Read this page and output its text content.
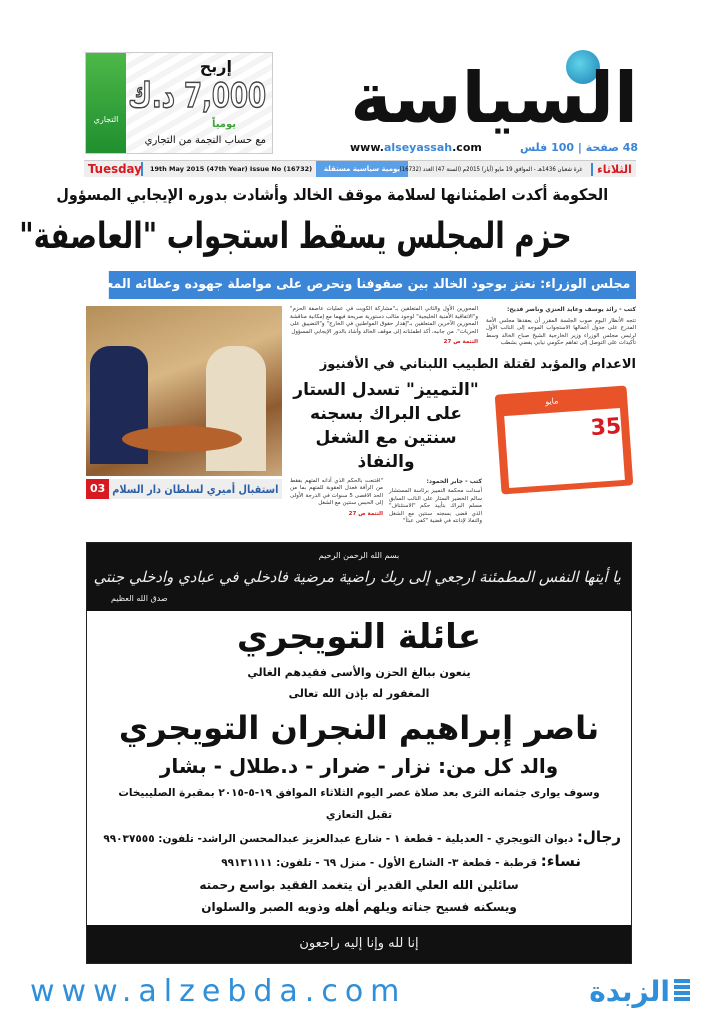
التجاري
إربح
7,000 د.ك
يومياً
مع حساب النجمة من التجاري
السياسة
www.alseyassah.com	48 صفحة | 100 فلس
Tuesday	19th May 2015 (47th Year) Issue No (16732)	يومية سياسية مستقلة غرة شعبان 1436هـ - الموافق 19 مايو (أيار) 2015م (السنة 47) العدد (16732)	الثلاثاء
الحكومة أكدت اطمئنانها لسلامة موقف الخالد وأشادت بدوره الإيجابي المسؤول
حزم المجلس يسقط استجواب "العاصفة"
مجلس الوزراء: نعتز بوجود الخالد بين صفوفنا ونحرص على مواصلة جهوده وعطائه المعهود
استقبال أميري لسلطان دار السلام
03
كتب - رائد يوسف وعايد العنزي وناصر فديح:
تتجه الأنظار اليوم صوب الجلسة المقرر أن يعقدها مجلس الأمة المدرج على جدول أعمالها الاستجواب الموجه إلى النائب الأول لرئيس مجلس الوزراء وزير الخارجية الشيخ صباح الخالد وسط تأكيدات على التوصل إلى تفاهم حكومي نيابي يفضي بشطب
المحورين الأول والثاني المتعلقين بـ"مشاركة الكويت في عمليات عاصفة الحزم" و"الاتفاقية الأمنية الخليجية" لوجود مثالب دستورية صريحة فيهما مع إمكانية مناقشة المحورين الآخرين المتعلقين بـ"إهدار حقوق المواطنين في الخارج" و"التضييق على الحريات". من جانبه، أكد اطمئنانه إلى موقف الخالد وأشاد بالدور الإيجابي المسؤول
التتمة ص 27
الاعدام والمؤبد لقتلة الطبيب اللبناني في الأفنيوز
مايو
35
"التمييز" تسدل الستار على البراك بسجنه سنتين مع الشغل والنفاذ
كتب - جابر الحمود:
أسدلت محكمة التمييز برئاسة المستشار سالم الخضير الستار على النائب السابق مسلم البراك بتأييد حكم "الاستئناف" الذي قضى بسجنه سنتين مع الشغل والنفاذ لإدانته في قضية "كفى عبثاً"
"اقتنعت بالحكم الذي أدانه المتهم بفقط من الرأفة فعدل العقوبة للمتهم بما من الحد الاقصى 5 سنوات في الدرجة الأولى إلى الحبس سنتين مع الشغل
التتمة ص 27
بسم الله الرحمن الرحيم
يا أيتها النفس المطمئنة ارجعي إلى ربك راضية مرضية فادخلي في عبادي وادخلي جنتي
صدق الله العظيم
عائلة التويجري
ينعون ببالغ الحزن والأسى فقيدهم الغالي
المغفور له بإذن الله تعالى
ناصر إبراهيم النجران التويجري
والد كل من: نزار - ضرار - د.طلال - بشار
وسوف يوارى جثمانه الثرى بعد صلاة عصر اليوم الثلاثاء الموافق ١٩-٥-٢٠١٥ بمقبرة الصليبيخات
تقبل التعازي
رجال: ديوان التويجري - العديلية - قطعة ١ - شارع عبدالعزيز عبدالمحسن الراشد- تلفون: ٩٩٠٣٧٥٥٥
نساء: قرطبة - قطعة ٣- الشارع الأول - منزل ٦٩ - تلفون: ٩٩١٣١١١١
سائلين الله العلي القدير أن يتغمد الفقيد بواسع رحمته
ويسكنه فسيح جناته ويلهم أهله وذويه الصبر والسلوان
إنا لله وإنا إليه راجعون
www.alzebda.com	الزبدة
